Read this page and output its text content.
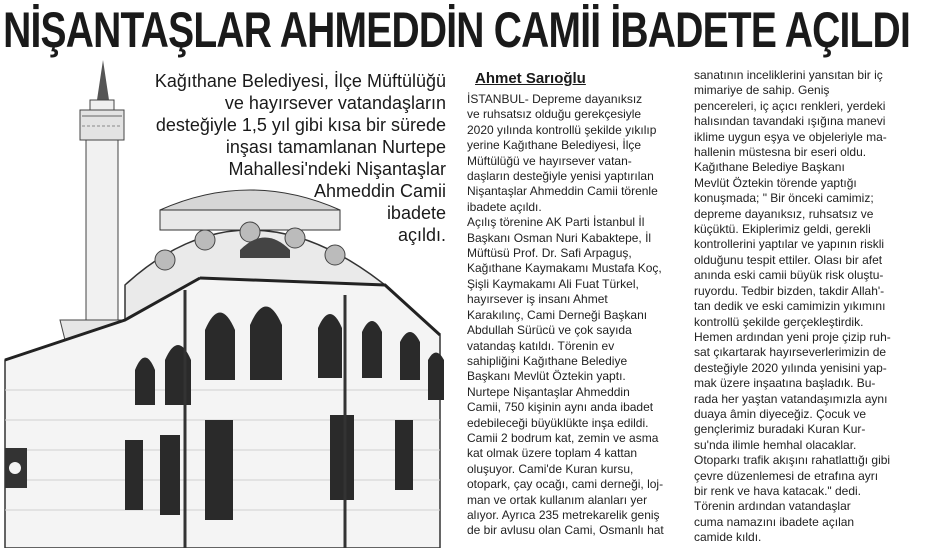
NİŞANTAŞLAR AHMEDDİN CAMİİ İBADETE AÇILDI
Kağıthane Belediyesi, İlçe Müftülüğü
ve hayırsever vatandaşların
desteğiyle 1,5 yıl gibi kısa bir sürede
inşası tamamlanan Nurtepe
Mahallesi'ndeki Nişantaşlar
Ahmeddin Camii
ibadete
açıldı.
Ahmet Sarıoğlu
İSTANBUL- Depreme dayanıksız
ve ruhsatsız olduğu gerekçesiyle
2020 yılında kontrollü şekilde yıkılıp
yerine Kağıthane Belediyesi, İlçe
Müftülüğü ve hayırsever vatan-
daşların desteğiyle yenisi yaptırılan
Nişantaşlar Ahmeddin Camii törenle
ibadete açıldı.
Açılış törenine AK Parti İstanbul İl
Başkanı Osman Nuri Kabaktepe, İl
Müftüsü Prof. Dr. Safi Arpaguş,
Kağıthane Kaymakamı Mustafa Koç,
Şişli Kaymakamı Ali Fuat Türkel,
hayırsever iş insanı Ahmet
Karakılınç, Cami Derneği Başkanı
Abdullah Sürücü ve çok sayıda
vatandaş katıldı. Törenin ev
sahipliğini Kağıthane Belediye
Başkanı Mevlüt Öztekin yaptı.
Nurtepe Nişantaşlar Ahmeddin
Camii, 750 kişinin aynı anda ibadet
edebileceği büyüklükte inşa edildi.
Camii 2 bodrum kat, zemin ve asma
kat olmak üzere toplam 4 kattan
oluşuyor. Cami'de Kuran kursu,
otopark, çay ocağı, cami derneği, loj-
man ve ortak kullanım alanları yer
alıyor. Ayrıca 235 metrekarelik geniş
de bir avlusu olan Cami, Osmanlı hat
sanatının inceliklerini yansıtan bir iç
mimariye de sahip. Geniş
pencereleri, iç açıcı renkleri, yerdeki
halısından tavandaki ışığına manevi
iklime uygun eşya ve objeleriyle ma-
hallenin müstesna bir eseri oldu.
Kağıthane Belediye Başkanı
Mevlüt Öztekin törende yaptığı
konuşmada; " Bir önceki camimiz;
depreme dayanıksız, ruhsatsız ve
küçüktü. Ekiplerimiz geldi, gerekli
kontrollerini yaptılar ve yapının riskli
olduğunu tespit ettiler. Olası bir afet
anında eski camii büyük risk oluştu-
ruyordu. Tedbir bizden, takdir Allah'-
tan dedik ve eski camimizin yıkımını
kontrollü şekilde gerçekleştirdik.
Hemen ardından yeni proje çizip ruh-
sat çıkartarak hayırseverlerimizin de
desteğiyle 2020 yılında yenisini yap-
mak üzere inşaatına başladık. Bu-
rada her yaştan vatandaşımızla aynı
duaya âmin diyeceğiz. Çocuk ve
gençlerimiz buradaki Kuran Kur-
su'nda ilimle hemhal olacaklar.
Otoparkı trafik akışını rahatlattığı gibi
çevre düzenlemesi de etrafına ayrı
bir renk ve hava katacak." dedi.
Törenin ardından vatandaşlar
cuma namazını ibadete açılan
camide kıldı.
